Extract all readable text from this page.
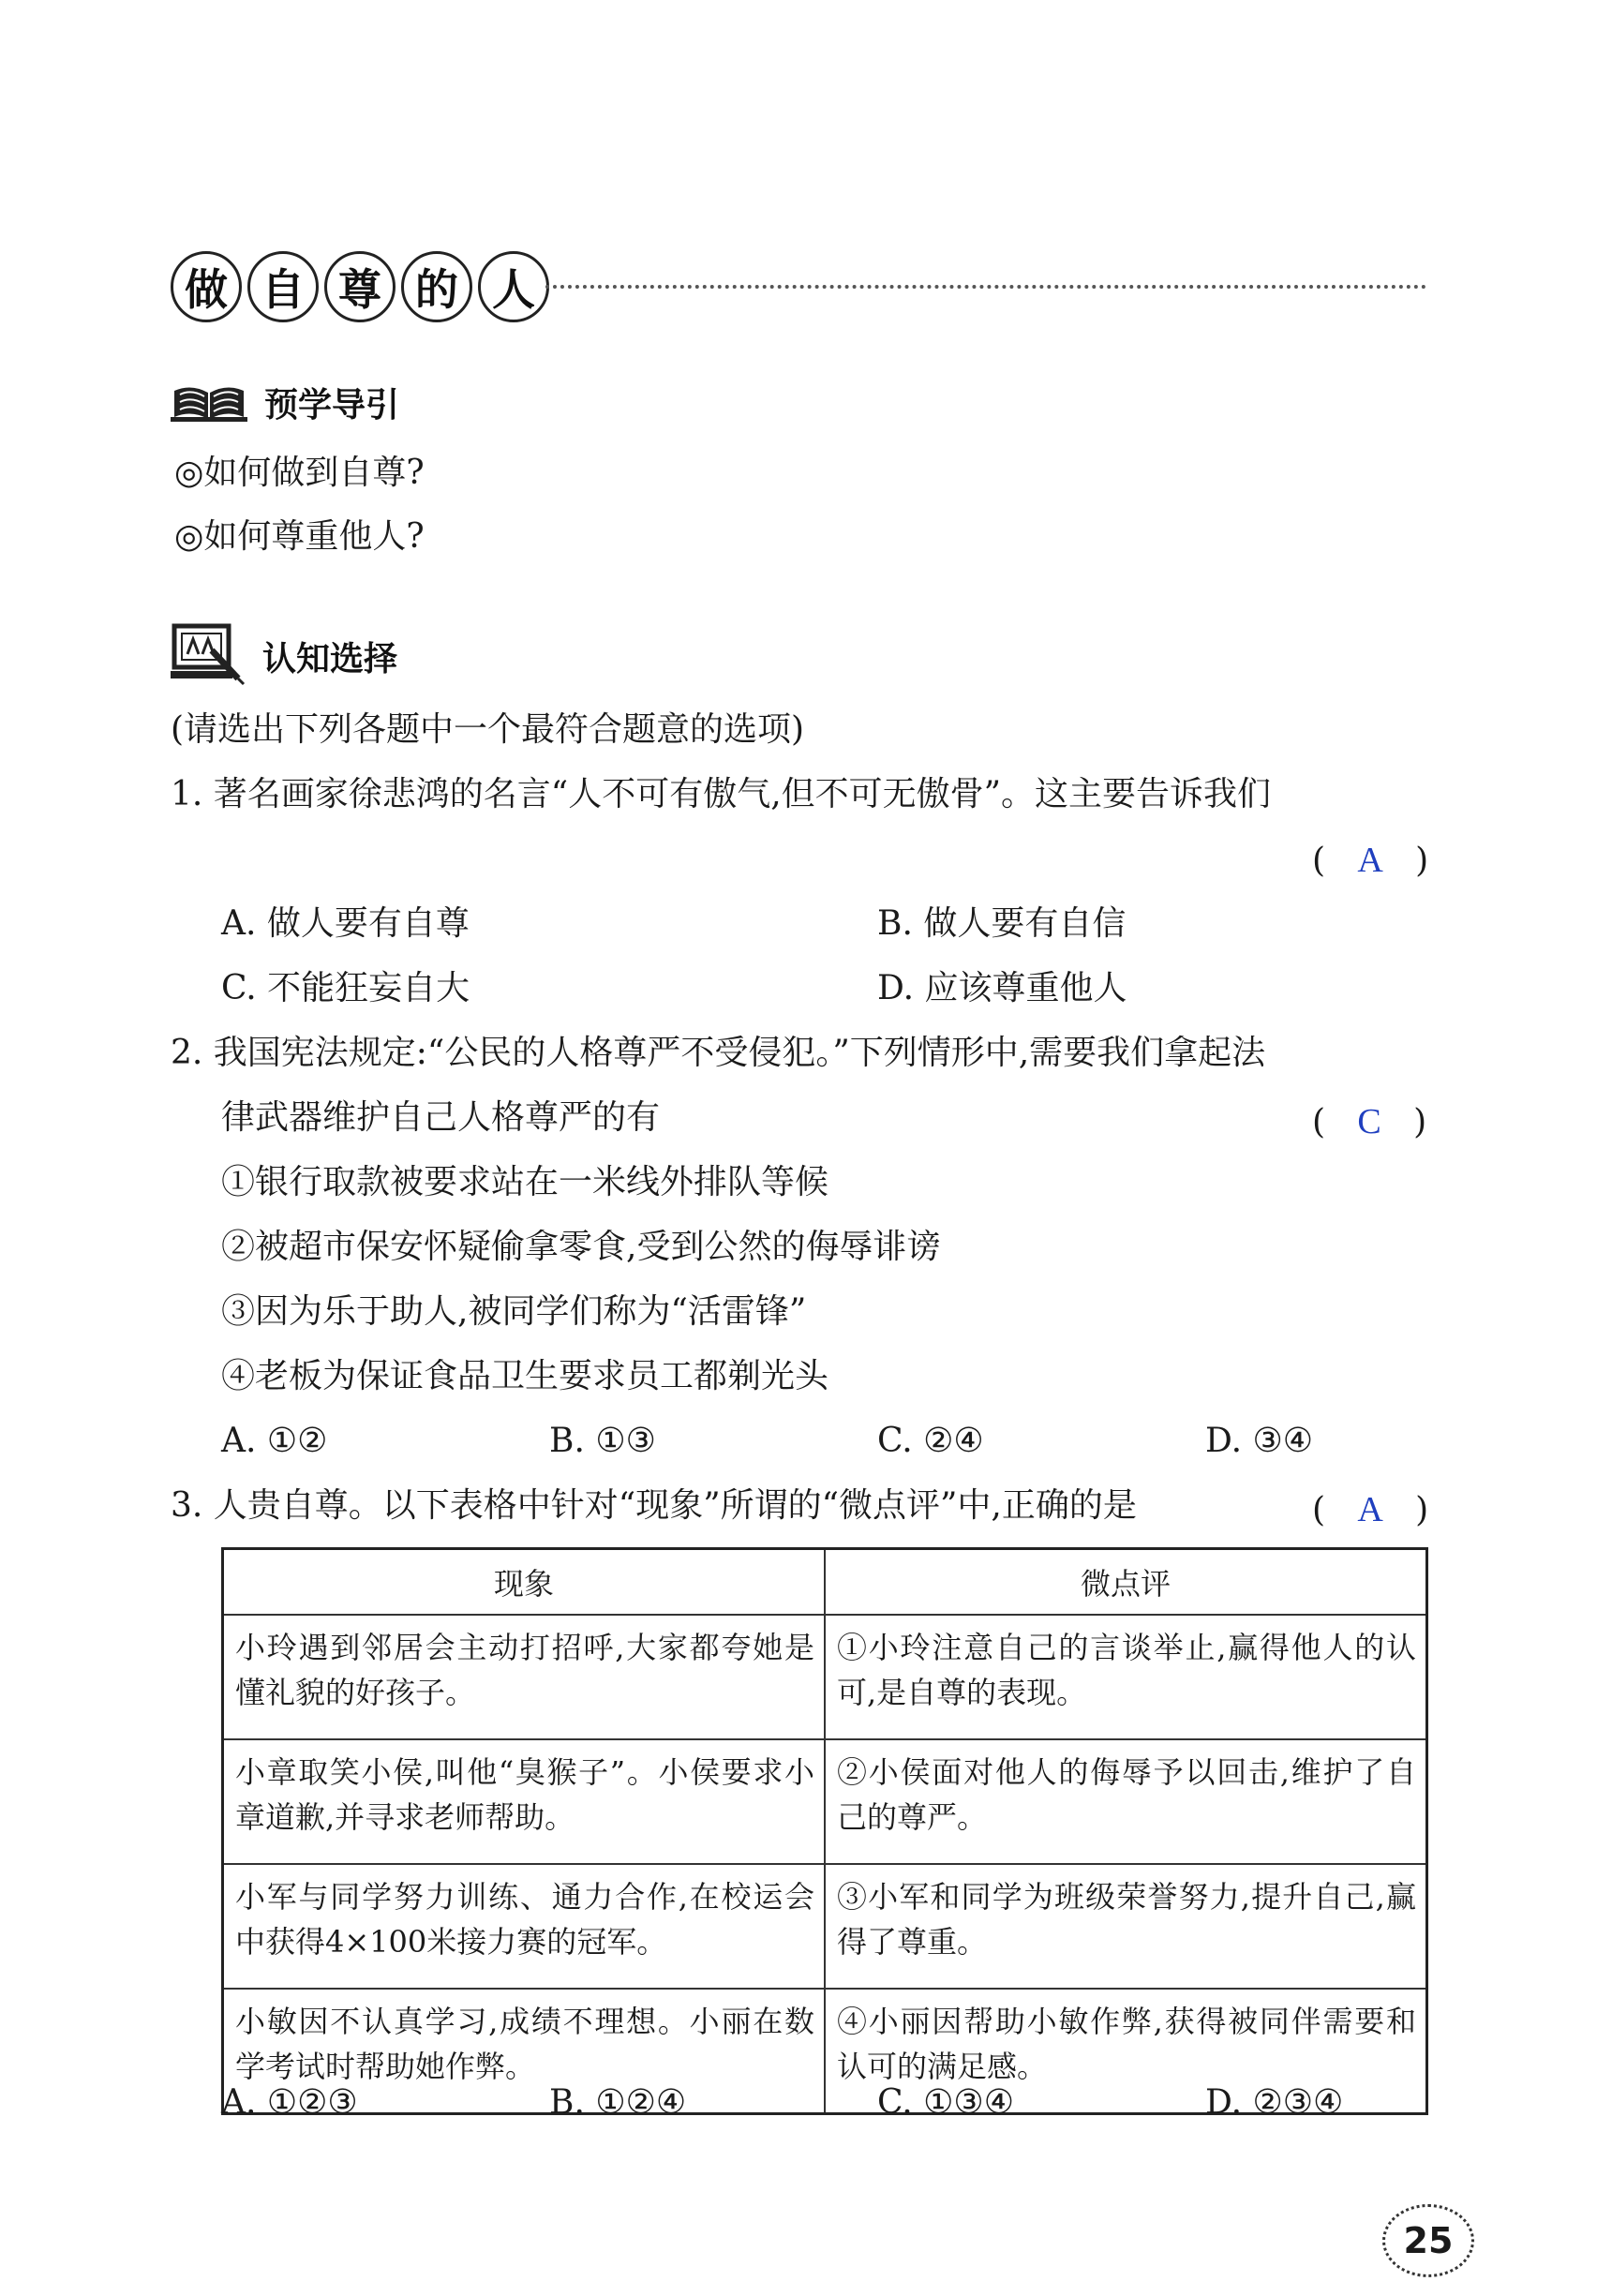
做 自 尊 的 人
预学导引
◎如何做到自尊?
◎如何尊重他人?
认知选择
(请选出下列各题中一个最符合题意的选项)
1. 著名画家徐悲鸿的名言“人不可有傲气,但不可无傲骨”。这主要告诉我们
(   A   )
A. 做人要有自尊	B. 做人要有自信
C. 不能狂妄自大	D. 应该尊重他人
2. 我国宪法规定:“公民的人格尊严不受侵犯。”下列情形中,需要我们拿起法
律武器维护自己人格尊严的有	(   C   )
①银行取款被要求站在一米线外排队等候
②被超市保安怀疑偷拿零食,受到公然的侮辱诽谤
③因为乐于助人,被同学们称为“活雷锋”
④老板为保证食品卫生要求员工都剃光头
A. ①②	B. ①③	C. ②④	D. ③④
3. 人贵自尊。以下表格中针对“现象”所谓的“微点评”中,正确的是	(   A   )
现象	微点评
小玲遇到邻居会主动打招呼,大家都夸她是懂礼貌的好孩子。	①小玲注意自己的言谈举止,赢得他人的认可,是自尊的表现。
小章取笑小侯,叫他“臭猴子”。小侯要求小章道歉,并寻求老师帮助。	②小侯面对他人的侮辱予以回击,维护了自己的尊严。
小军与同学努力训练、通力合作,在校运会中获得4×100米接力赛的冠军。	③小军和同学为班级荣誉努力,提升自己,赢得了尊重。
小敏因不认真学习,成绩不理想。小丽在数学考试时帮助她作弊。	④小丽因帮助小敏作弊,获得被同伴需要和认可的满足感。
A. ①②③	B. ①②④	C. ①③④	D. ②③④
25
